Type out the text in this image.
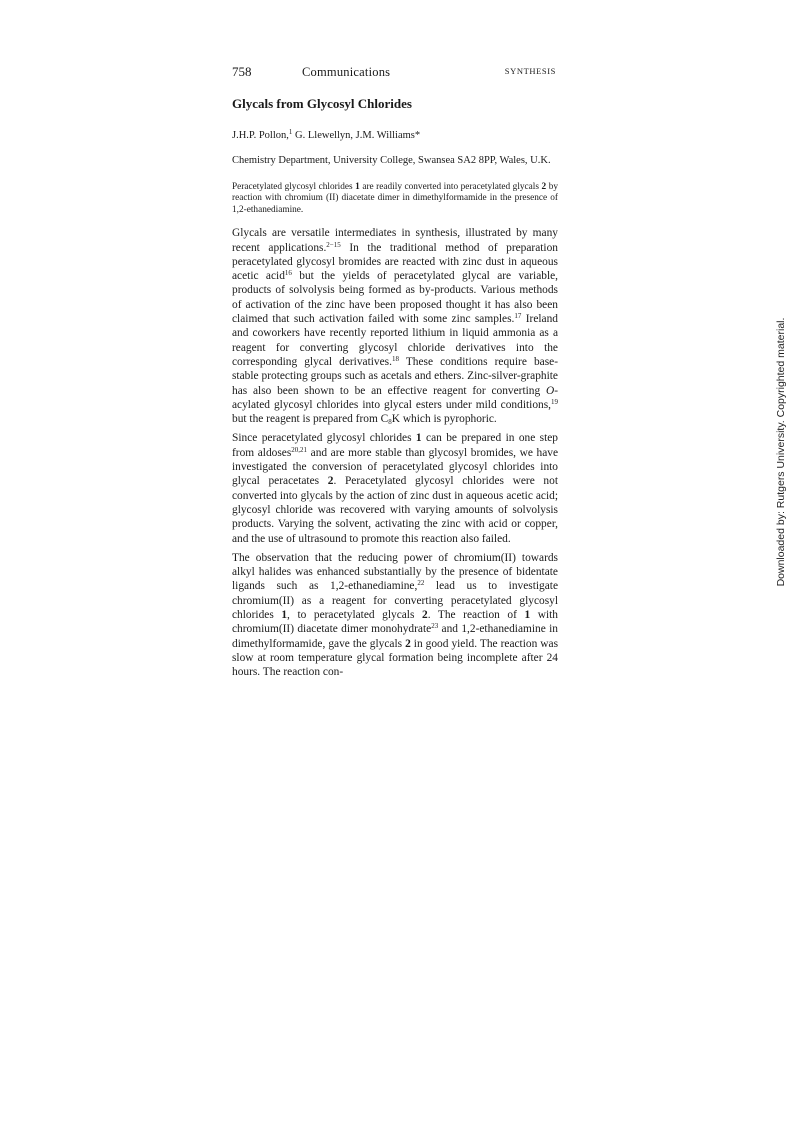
758	Communications	SYNTHESIS
Glycals from Glycosyl Chlorides
J.H.P. Pollon,$^1$ G. Llewellyn, J.M. Williams*
Chemistry Department, University College, Swansea SA2 8PP, Wales, U.K.
Peracetylated glycosyl chlorides 1 are readily converted into peracetylated glycals 2 by reaction with chromium (II) diacetate dimer in dimethylformamide in the presence of 1,2-ethanediamine.

Glycals are versatile intermediates in synthesis, illustrated by many recent applications.$^{2-15}$ In the traditional method of preparation peracetylated glycosyl bromides are reacted with zinc dust in aqueous acetic acid$^{16}$ but the yields of peracetylated glycal are variable, products of solvolysis being formed as by-products. Various methods of activation of the zinc have been proposed thought it has also been claimed that such activation failed with some zinc samples.$^{17}$ Ireland and coworkers have recently reported lithium in liquid ammonia as a reagent for converting glycosyl chloride derivatives into the corresponding glycal derivatives.$^{18}$ These conditions require base-stable protecting groups such as acetals and ethers. Zinc-silver-graphite has also been shown to be an effective reagent for converting O-acylated glycosyl chlorides into glycal esters under mild conditions,$^{19}$ but the reagent is prepared from $C_8K$ which is pyrophoric.

Since peracetylated glycosyl chlorides 1 can be prepared in one step from aldoses$^{20,21}$ and are more stable than glycosyl bromides, we have investigated the conversion of peracetylated glycosyl chlorides into glycal peracetates 2. Peracetylated glycosyl chlorides were not converted into glycals by the action of zinc dust in aqueous acetic acid; glycosyl chloride was recovered with varying amounts of solvolysis products. Varying the solvent, activating the zinc with acid or copper, and the use of ultrasound to promote this reaction also failed.

The observation that the reducing power of chromium(II) towards alkyl halides was enhanced substantially by the presence of bidentate ligands such as 1,2-ethanediamine,$^{22}$ lead us to investigate chromium(II) as a reagent for converting peracetylated glycosyl chlorides 1, to peracetylated glycals 2. The reaction of 1 with chromium(II) diacetate dimer monohydrate$^{23}$ and 1,2-ethanediamine in dimethylformamide, gave the glycals 2 in good yield. The reaction was slow at room temperature glycal formation being incomplete after 24 hours. The reaction con-

Downloaded by: Rutgers University. Copyrighted material.
